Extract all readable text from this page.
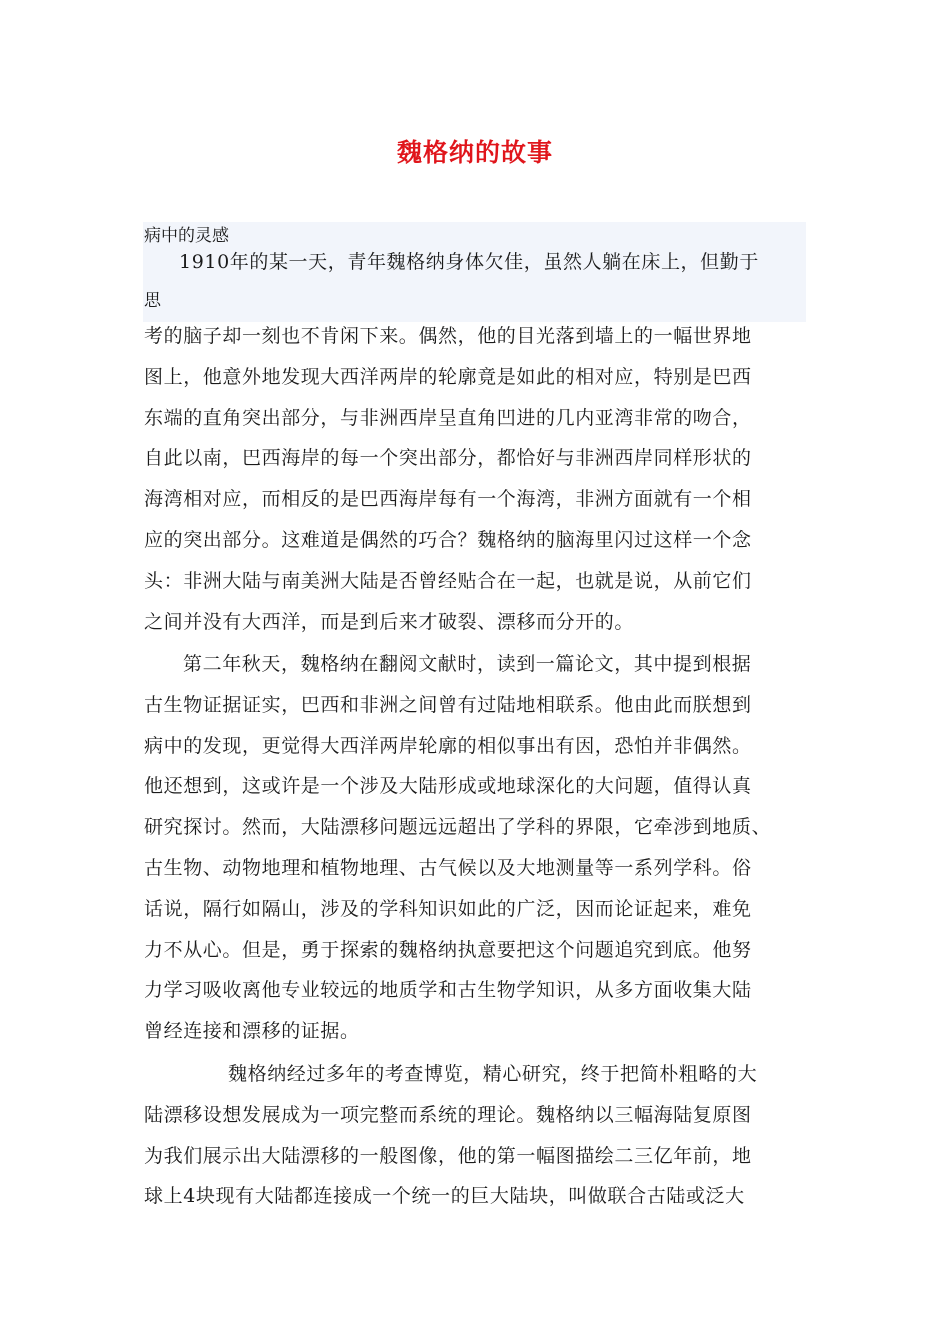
魏格纳的故事
病中的灵感
1910年的某一天，青年魏格纳身体欠佳，虽然人躺在床上，但勤于
思
考的脑子却一刻也不肯闲下来。偶然，他的目光落到墙上的一幅世界地
图上，他意外地发现大西洋两岸的轮廓竟是如此的相对应，特别是巴西
东端的直角突出部分，与非洲西岸呈直角凹进的几内亚湾非常的吻合，
自此以南，巴西海岸的每一个突出部分，都恰好与非洲西岸同样形状的
海湾相对应，而相反的是巴西海岸每有一个海湾，非洲方面就有一个相
应的突出部分。这难道是偶然的巧合？魏格纳的脑海里闪过这样一个念
头：非洲大陆与南美洲大陆是否曾经贴合在一起，也就是说，从前它们
之间并没有大西洋，而是到后来才破裂、漂移而分开的。
第二年秋天，魏格纳在翻阅文献时，读到一篇论文，其中提到根据
古生物证据证实，巴西和非洲之间曾有过陆地相联系。他由此而朕想到
病中的发现，更觉得大西洋两岸轮廓的相似事出有因，恐怕并非偶然。
他还想到，这或许是一个涉及大陆形成或地球深化的大问题，值得认真
研究探讨。然而，大陆漂移问题远远超出了学科的界限，它牵涉到地质、
古生物、动物地理和植物地理、古气候以及大地测量等一系列学科。俗
话说，隔行如隔山，涉及的学科知识如此的广泛，因而论证起来，难免
力不从心。但是，勇于探索的魏格纳执意要把这个问题追究到底。他努
力学习吸收离他专业较远的地质学和古生物学知识，从多方面收集大陆
曾经连接和漂移的证据。
魏格纳经过多年的考查博览，精心研究，终于把简朴粗略的大
陆漂移设想发展成为一项完整而系统的理论。魏格纳以三幅海陆复原图
为我们展示出大陆漂移的一般图像，他的第一幅图描绘二三亿年前，地
球上4块现有大陆都连接成一个统一的巨大陆块，叫做联合古陆或泛大
